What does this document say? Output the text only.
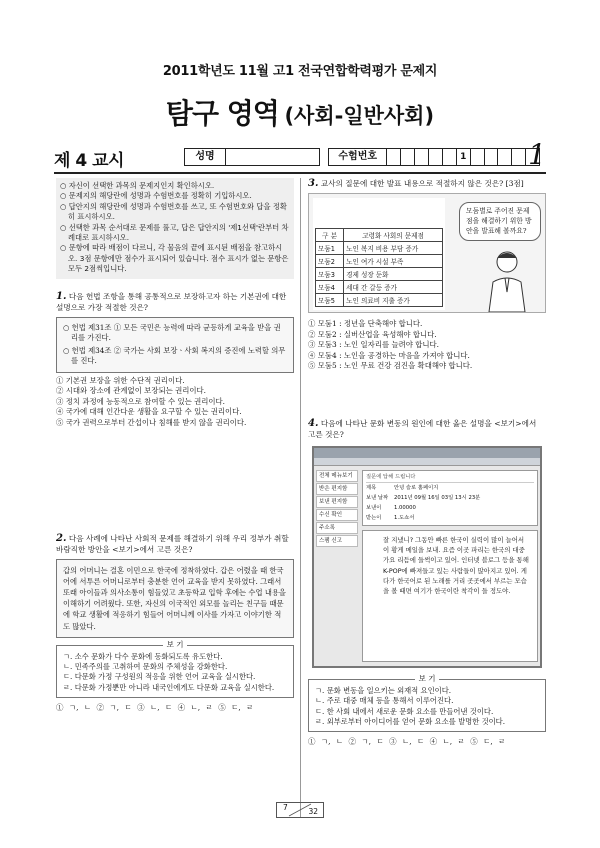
2011학년도 11월 고1 전국연합학력평가 문제지
탐구 영역 (사회-일반사회)
제 4 교시	성명	수험번호	1 1
○ 자신이 선택한 과목의 문제지인지 확인하시오.
○ 문제지의 해당란에 성명과 수험번호를 정확히 기입하시오.
○ 답안지의 해당란에 성명과 수험번호를 쓰고, 또 수험번호와 답을 정확히 표시하시오.
○ 선택한 과목 순서대로 문제를 풀고, 답은 답안지의 '제1선택'란부터 차례대로 표시하시오.
○ 문항에 따라 배점이 다르니, 각 물음의 끝에 표시된 배점을 참고하시오. 3점 문항에만 점수가 표시되어 있습니다. 점수 표시가 없는 문항은 모두 2점씩입니다.
1. 다음 헌법 조항을 통해 공통적으로 보장하고자 하는 기본권에 대한 설명으로 가장 적절한 것은?
○ 헌법 제31조 ① 모든 국민은 능력에 따라 균등하게 교육을 받을 권리를 가진다.
○ 헌법 제34조 ② 국가는 사회 보장ㆍ사회 복지의 증진에 노력할 의무를 진다.
① 기본권 보장을 위한 수단적 권리이다.
② 시대와 장소에 관계없이 보장되는 권리이다.
③ 정치 과정에 능동적으로 참여할 수 있는 권리이다.
④ 국가에 대해 인간다운 생활을 요구할 수 있는 권리이다.
⑤ 국가 권력으로부터 간섭이나 침해를 받지 않을 권리이다.
2. 다음 사례에 나타난 사회적 문제를 해결하기 위해 우리 정부가 취할 바람직한 방안을 <보기>에서 고른 것은?
갑의 어머니는 결혼 이민으로 한국에 정착하였다. 갑은 어렸을 때 한국어에 서투른 어머니로부터 충분한 언어 교육을 받지 못하였다. 그래서 또래 아이들과 의사소통이 힘들었고 초등학교 입학 후에는 수업 내용을 이해하기 어려웠다. 또한, 자신의 이국적인 외모를 놀리는 친구들 때문에 학교 생활에 적응하기 힘들어 어머니께 이사를 가자고 이야기한 적도 많았다.
보 기
ㄱ. 소수 문화가 다수 문화에 동화되도록 유도한다.
ㄴ. 민족주의를 고취하여 문화의 주체성을 강화한다.
ㄷ. 다문화 가정 구성원의 적응을 위한 언어 교육을 실시한다.
ㄹ. 다문화 가정뿐만 아니라 내국인에게도 다문화 교육을 실시한다.
① ㄱ, ㄴ ② ㄱ, ㄷ ③ ㄴ, ㄷ ④ ㄴ, ㄹ ⑤ ㄷ, ㄹ
3. 교사의 질문에 대한 발표 내용으로 적절하지 않은 것은? [3점]
구 분	고령화 사회의 문제점
모둠1	노인 복지 비용 부담 증가
모둠2	노인 여가 시설 부족
모둠3	경제 성장 둔화
모둠4	세대 간 갈등 증가
모둠5	노인 의료비 지출 증가
모둠별로 주어진 문제점을 해결하기 위한 방안을 발표해 볼까요?
① 모둠1 : 정년을 단축해야 합니다.
② 모둠2 : 실버산업을 육성해야 합니다.
③ 모둠3 : 노인 일자리를 늘려야 합니다.
④ 모둠4 : 노인을 공경하는 마음을 가져야 합니다.
⑤ 모둠5 : 노인 무료 건강 검진을 확대해야 합니다.
4. 다음에 나타난 문화 변동의 원인에 대한 옳은 설명을 <보기>에서 고른 것은?
전체 메뉴보기
받은 편지함
보낸 편지함
수신 확인
주소록
스팸 신고
질문에 답해 드립니다
제목	안녕 슬로 홈페이지
보낸 날짜 2011년 09월 16일 03일 13시 23분
보낸이 1.00000
받는이 1.도쇼서
잘 지냈니? 그동안 빠른 한국이 실력이 많이 늘어서 이 황게 메일을 보내. 요즘 이곳 파리는 한국의 대중 가요 리듬에 들썩이고 있어. 인터넷 블로그 등을 통해 K-POP에 빠져들고 있는 사람들이 많아지고 있어. 게다가 한국어로 된 노래를 거리 곳곳에서 부르는 모습을 볼 때면 여기가 한국이란 착각이 들 정도야.
보 기
ㄱ. 문화 변동을 일으키는 외재적 요인이다.
ㄴ. 주로 대중 매체 등을 통해서 이루어진다.
ㄷ. 한 사회 내에서 새로운 문화 요소를 만들어낸 것이다.
ㄹ. 외부로부터 아이디어를 얻어 문화 요소를 발명한 것이다.
① ㄱ, ㄴ ② ㄱ, ㄷ ③ ㄴ, ㄷ ④ ㄴ, ㄹ ⑤ ㄷ, ㄹ
7	32
